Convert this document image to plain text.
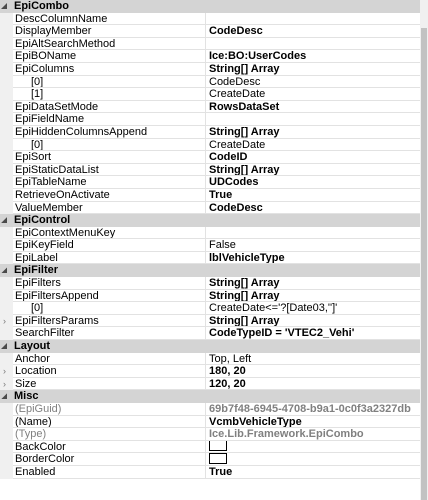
EpiCombo
DescColumnName
DisplayMember	CodeDesc
EpiAltSearchMethod
EpiBOName	Ice:BO:UserCodes
EpiColumns	String[] Array
[0]	CodeDesc
[1]	CreateDate
EpiDataSetMode	RowsDataSet
EpiFieldName
EpiHiddenColumnsAppend	String[] Array
[0]	CreateDate
EpiSort	CodeID
EpiStaticDataList	String[] Array
EpiTableName	UDCodes
RetrieveOnActivate	True
ValueMember	CodeDesc
EpiControl
EpiContextMenuKey
EpiKeyField	False
EpiLabel	lblVehicleType
EpiFilter
EpiFilters	String[] Array
EpiFiltersAppend	String[] Array
[0]	CreateDate<='?[Date03,'']'
› EpiFiltersParams	String[] Array
SearchFilter	CodeTypeID = 'VTEC2_Vehi'
Layout
Anchor	Top, Left
› Location	180, 20
› Size	120, 20
Misc
(EpiGuid)	69b7f48-6945-4708-b9a1-0c0f3a2327db
(Name)	VcmbVehicleType
(Type)	Ice.Lib.Framework.EpiCombo
BackColor
BorderColor
Enabled	True
